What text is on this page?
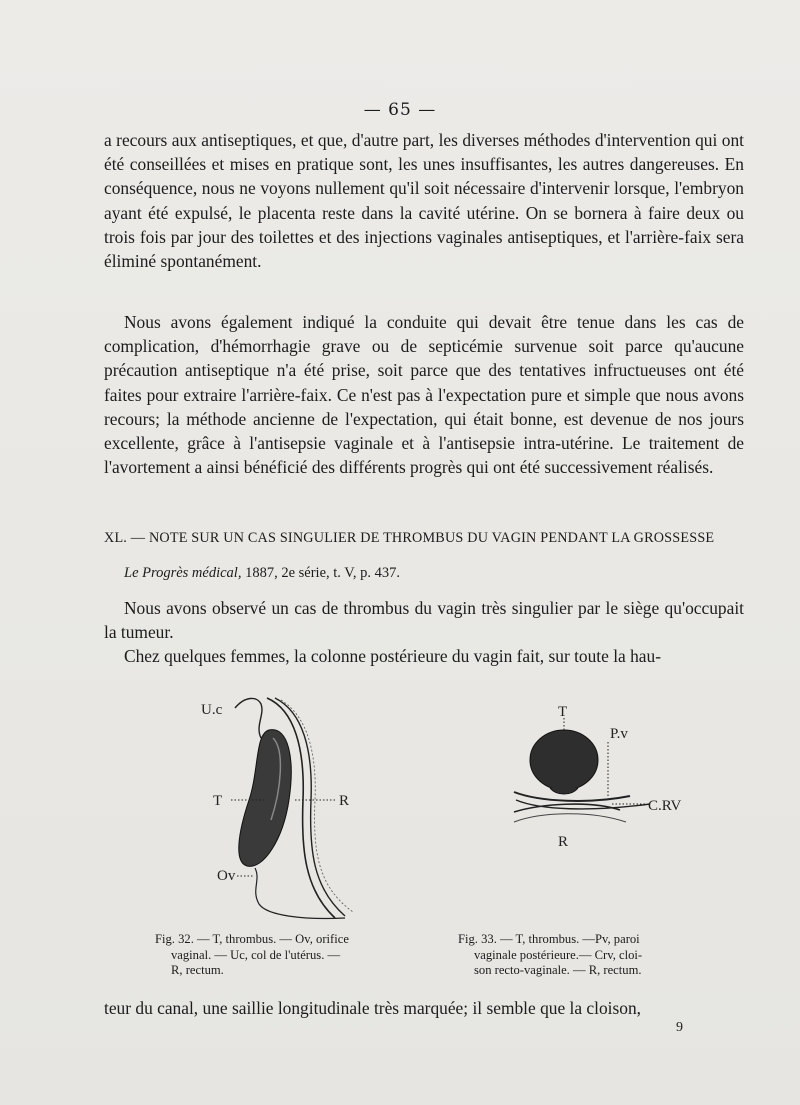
— 65 —

a recours aux antiseptiques, et que, d'autre part, les diverses méthodes d'intervention qui ont été conseillées et mises en pratique sont, les unes insuffisantes, les autres dangereuses. En conséquence, nous ne voyons nullement qu'il soit nécessaire d'intervenir lorsque, l'embryon ayant été expulsé, le placenta reste dans la cavité utérine. On se bornera à faire deux ou trois fois par jour des toilettes et des injections vaginales antiseptiques, et l'arrière-faix sera éliminé spontanément.

Nous avons également indiqué la conduite qui devait être tenue dans les cas de complication, d'hémorrhagie grave ou de septicémie survenue soit parce qu'aucune précaution antiseptique n'a été prise, soit parce que des tentatives infructueuses ont été faites pour extraire l'arrière-faix. Ce n'est pas à l'expectation pure et simple que nous avons recours; la méthode ancienne de l'expectation, qui était bonne, est devenue de nos jours excellente, grâce à l'antisepsie vaginale et à l'antisepsie intra-utérine. Le traitement de l'avortement a ainsi bénéficié des différents progrès qui ont été successivement réalisés.

XL. — NOTE SUR UN CAS SINGULIER DE THROMBUS DU VAGIN PENDANT LA GROSSESSE
Le Progrès médical, 1887, 2e série, t. V, p. 437.

Nous avons observé un cas de thrombus du vagin très singulier par le siège qu'occupait la tumeur.

Chez quelques femmes, la colonne postérieure du vagin fait, sur toute la hau-

U.c
T	R
Ov
T
P.v
C.RV
R
Fig. 32. — T, thrombus. — Ov, orifice
vaginal. — Uc, col de l'utérus. —
R, rectum.
Fig. 33. — T, thrombus. —Pv, paroi
vaginale postérieure.— Crv, cloi-
son recto-vaginale. — R, rectum.
teur du canal, une saillie longitudinale très marquée; il semble que la cloison,
9
